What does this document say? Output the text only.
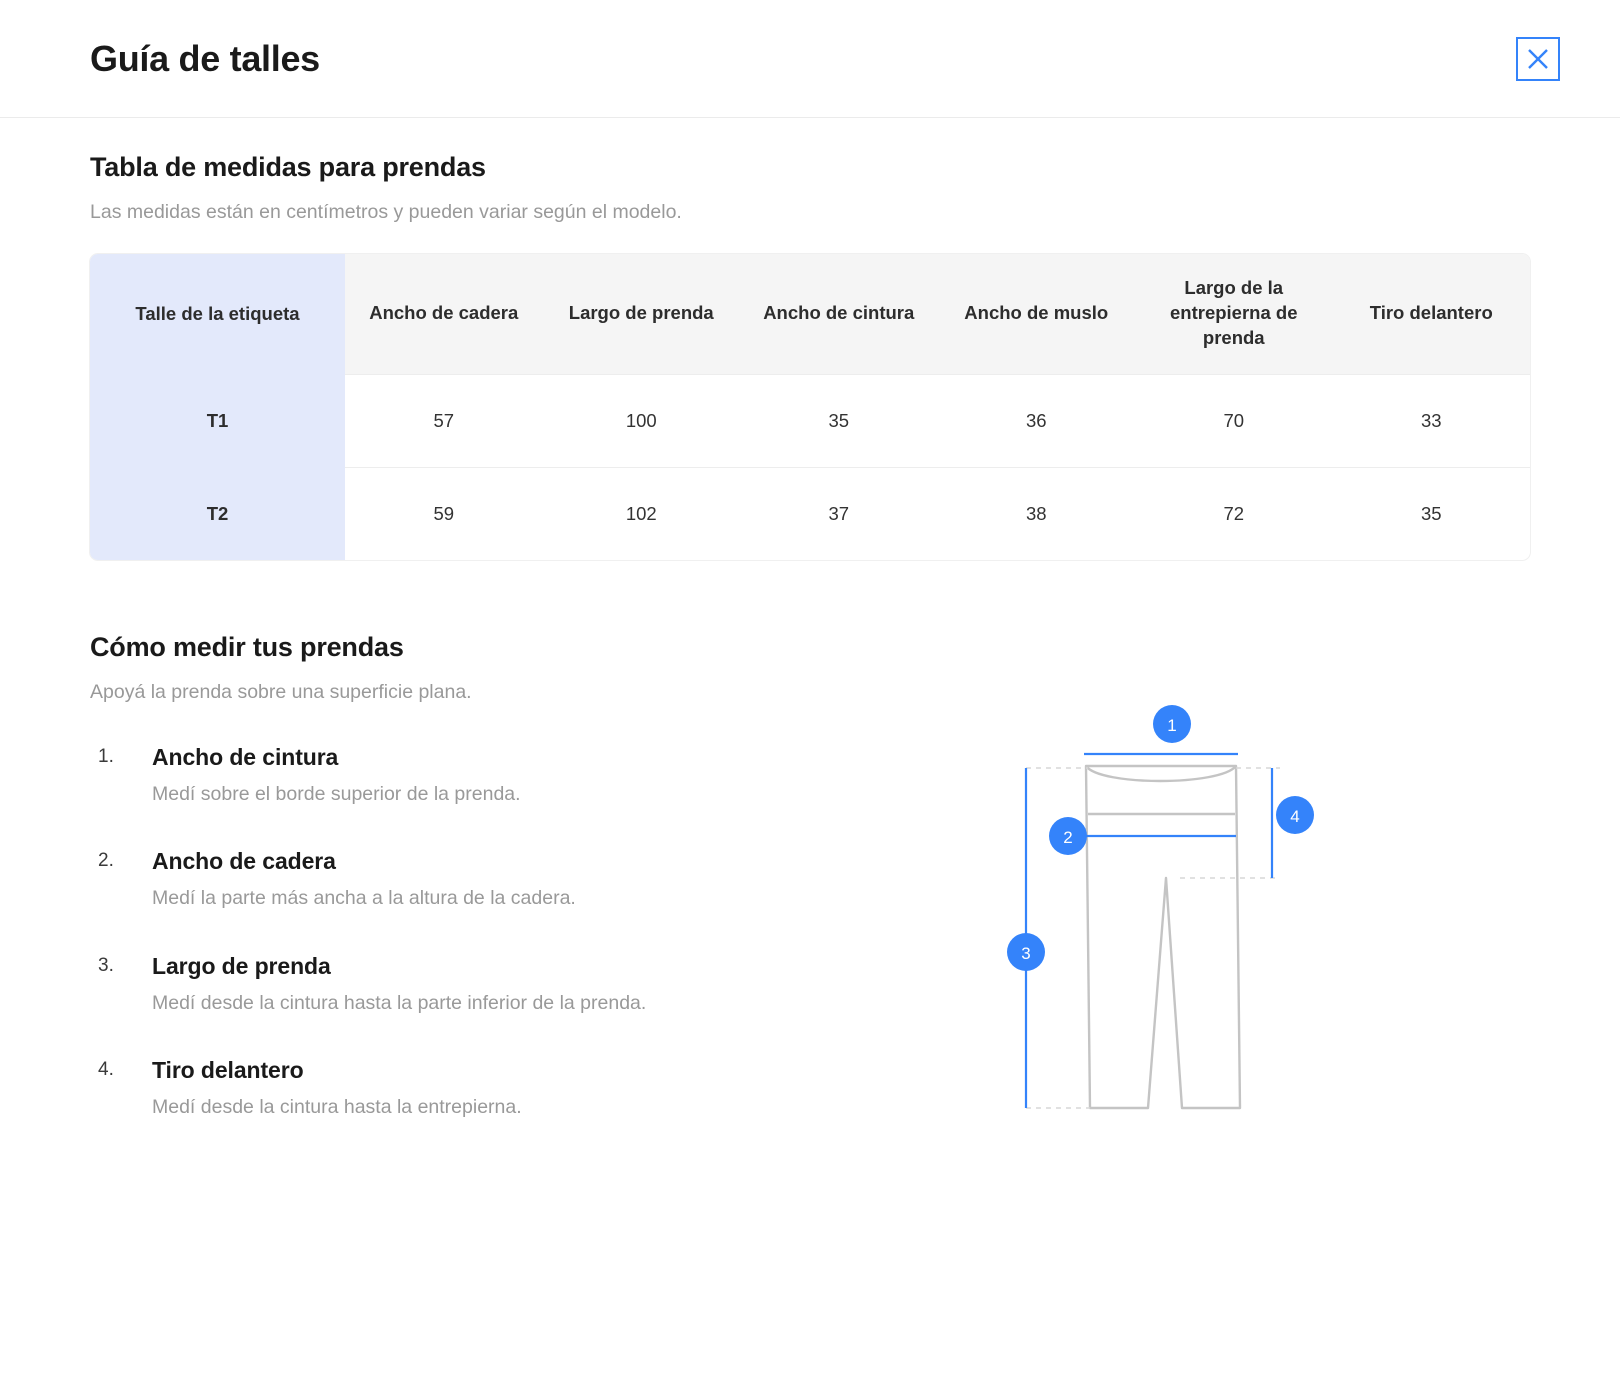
Guía de talles
Tabla de medidas para prendas

Las medidas están en centímetros y pueden variar según el modelo.

Talle de la etiqueta	Ancho de cadera	Largo de prenda	Ancho de cintura	Ancho de muslo	Largo de la entrepierna de prenda	Tiro delantero
T1	57	100	35	36	70	33
T2	59	102	37	38	72	35
Cómo medir tus prendas

Apoyá la prenda sobre una superficie plana.

1. Ancho de cintura
Medí sobre el borde superior de la prenda.
2. Ancho de cadera
Medí la parte más ancha a la altura de la cadera.
3. Largo de prenda
Medí desde la cintura hasta la parte inferior de la prenda.
4. Tiro delantero
Medí desde la cintura hasta la entrepierna.
1
2
3
4
